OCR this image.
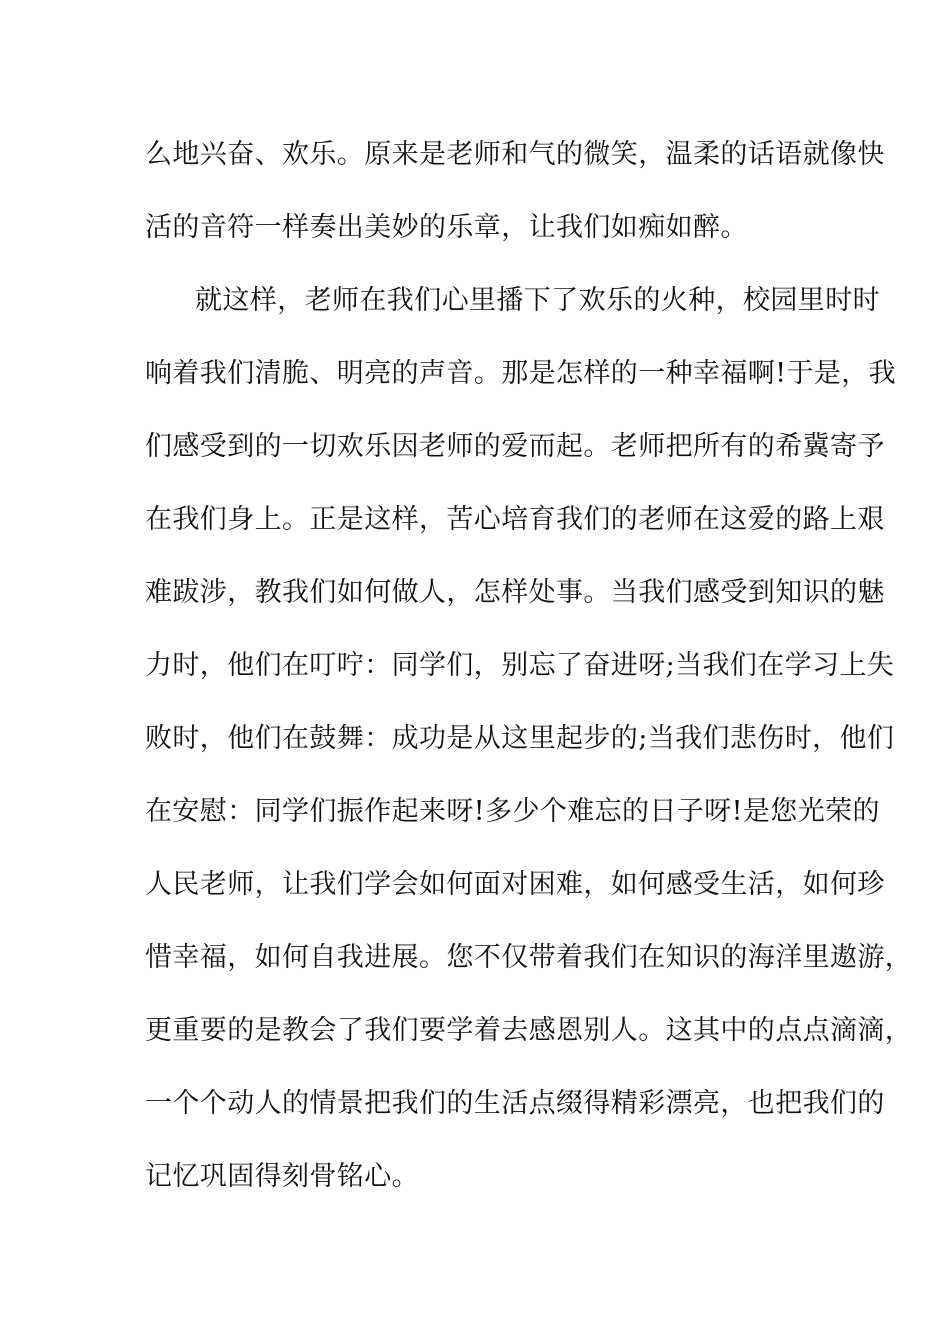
么地兴奋、欢乐。原来是老师和气的微笑，温柔的话语就像快
活的音符一样奏出美妙的乐章，让我们如痴如醉。
就这样，老师在我们心里播下了欢乐的火种，校园里时时
响着我们清脆、明亮的声音。那是怎样的一种幸福啊!于是，我
们感受到的一切欢乐因老师的爱而起。老师把所有的希冀寄予
在我们身上。正是这样，苦心培育我们的老师在这爱的路上艰
难跋涉，教我们如何做人，怎样处事。当我们感受到知识的魅
力时，他们在叮咛：同学们，别忘了奋进呀;当我们在学习上失
败时，他们在鼓舞：成功是从这里起步的;当我们悲伤时，他们
在安慰：同学们振作起来呀!多少个难忘的日子呀!是您光荣的
人民老师，让我们学会如何面对困难，如何感受生活，如何珍
惜幸福，如何自我进展。您不仅带着我们在知识的海洋里遨游，
更重要的是教会了我们要学着去感恩别人。这其中的点点滴滴，
一个个动人的情景把我们的生活点缀得精彩漂亮，也把我们的
记忆巩固得刻骨铭心。
